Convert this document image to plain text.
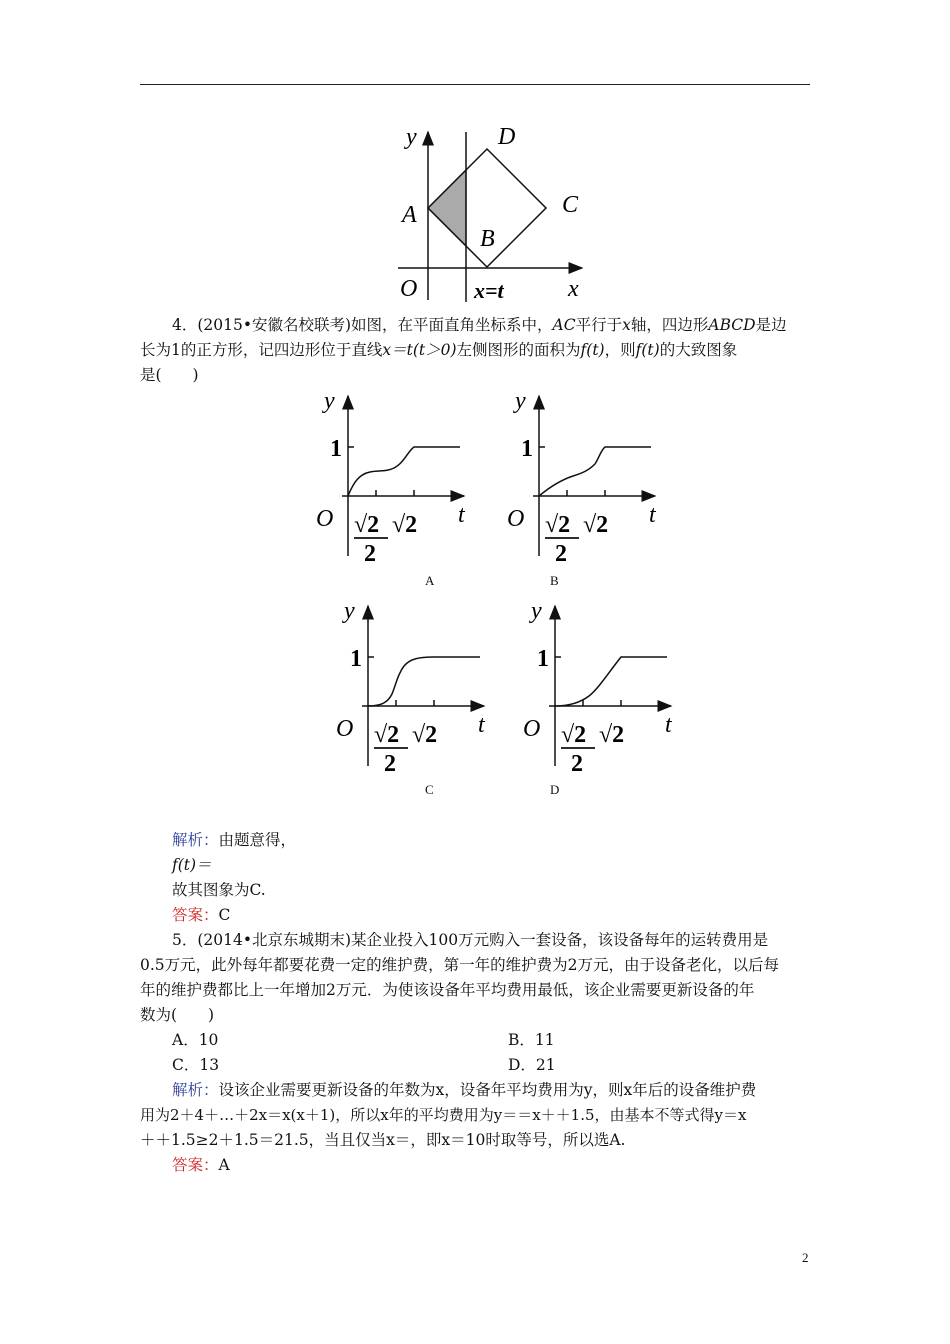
y	D
A	C
B
O	x=t	x
4．(2015•安徽名校联考)如图，在平面直角坐标系中，AC平行于x轴，四边形ABCD是边
长为1的正方形，记四边形位于直线x＝t(t＞0)左侧图形的面积为f(t)，则f(t)的大致图象
是(　　)
y
1
O √2
2
√2 t
A
y
1
O √2
2
√2 t
B
y
1
O √2
2
√2 t
C
y
1
O √2
2
√2 t
D
解析：由题意得，
f(t)＝
故其图象为C.
答案：C
5．(2014•北京东城期末)某企业投入100万元购入一套设备，该设备每年的运转费用是
0.5万元，此外每年都要花费一定的维护费，第一年的维护费为2万元，由于设备老化，以后每
年的维护费都比上一年增加2万元．为使该设备年平均费用最低，该企业需要更新设备的年
数为(　　)
A．10	B．11
C．13	D．21
解析：设该企业需要更新设备的年数为x，设备年平均费用为y，则x年后的设备维护费
用为2＋4＋…＋2x＝x(x＋1)，所以x年的平均费用为y＝＝x＋＋1.5，由基本不等式得y＝x
＋＋1.5≥2＋1.5＝21.5，当且仅当x＝，即x＝10时取等号，所以选A.
答案：A
2
